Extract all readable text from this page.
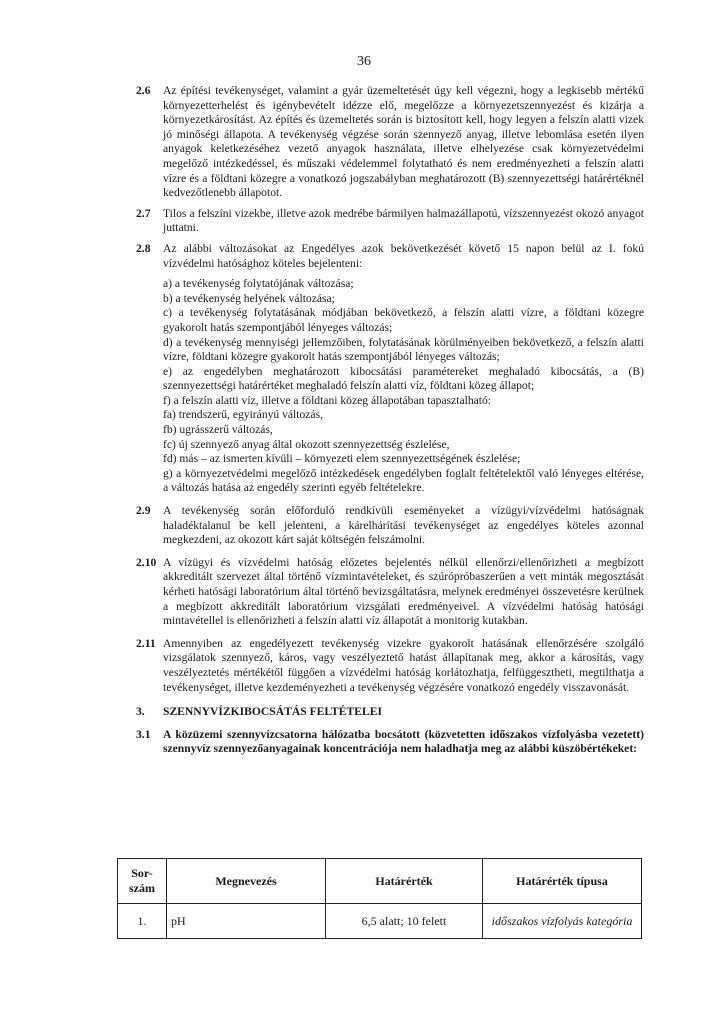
36
2.6	Az építési tevékenységet, valamint a gyár üzemeltetését úgy kell végezni, hogy a legkisebb mértékű környezetterhelést és igénybevételt idézze elő, megelőzze a környezetszennyezést és kizárja a környezetkárosítást. Az építés és üzemeltetés során is biztosított kell, hogy legyen a felszín alatti vizek jó minőségi állapota. A tevékenység végzése során szennyező anyag, illetve lebomlása esetén ilyen anyagok keletkezéséhez vezető anyagok használata, illetve elhelyezése csak környezetvédelmi megelőző intézkedéssel, és műszaki védelemmel folytatható és nem eredményezheti a felszín alatti vízre és a földtani közegre a vonatkozó jogszabályban meghatározott (B) szennyezettségi határértéknél kedvezőtlenebb állapotot.
2.7	Tilos a felszíni vizekbe, illetve azok medrébe bármilyen halmazállapotú, vízszennyezést okozó anyagot juttatni.
2.8	Az alábbi változásokat az Engedélyes azok bekövetkezését követő 15 napon belül az I. fokú vízvédelmi hatósághoz köteles bejelenteni:
a) a tevékenység folytatójának változása;
b) a tevékenység helyének változása;
c) a tevékenység folytatásának módjában bekövetkező, a felszín alatti vízre, a földtani közegre gyakorolt hatás szempontjából lényeges változás;
d) a tevékenység mennyiségi jellemzőiben, folytatásának körülményeiben bekövetkező, a felszín alatti vízre, földtani közegre gyakorolt hatás szempontjából lényeges változás;
e) az engedélyben meghatározott kibocsátási paramétereket meghaladó kibocsátás, a (B) szennyezettségi határértéket meghaladó felszín alatti víz, földtani közeg állapot;
f) a felszín alatti víz, illetve a földtani közeg állapotában tapasztalható:
fa) trendszerű, egyirányú változás,
fb) ugrásszerű változás,
fc) új szennyező anyag által okozott szennyezettség észlelése,
fd) más – az ismerten kívüli – környezeti elem szennyezettségének észlelése;
g) a környezetvédelmi megelőző intézkedések engedélyben foglalt feltételektől való lényeges eltérése, a változás hatása az engedély szerinti egyéb feltételekre.
2.9	A tevékenység során előforduló rendkívüli eseményeket a vízügyi/vízvédelmi hatóságnak haladéktalanul be kell jelenteni, a kárelhárítási tevékenységet az engedélyes köteles azonnal megkezdeni, az okozott kárt saját költségén felszámolni.
2.10 A vízügyi és vízvédelmi hatóság előzetes bejelentés nélkül ellenőrzi/ellenőrizheti a megbízott akkreditált szervezet által történő vízmintavételeket, és szúrópróbaszerűen a vett minták megosztását kérheti hatósági laboratórium által történő bevizsgáltatásra, melynek eredményei összevetésre kerülnek a megbízott akkreditált laboratórium vizsgálati eredményeivel. A vízvédelmi hatóság hatósági mintavétellel is ellenőrizheti a felszín alatti víz állapotát a monitorig kutakban.
2.11 Amennyiben az engedélyezett tevékenység vizekre gyakorolt hatásának ellenőrzésére szolgáló vizsgálatok szennyező, káros, vagy veszélyeztető hatást állapítanak meg, akkor a károsítás, vagy veszélyeztetés mértékétől függően a vízvédelmi hatóság korlátozhatja, felfüggesztheti, megtilthatja a tevékenységet, illetve kezdeményezheti a tevékenység végzésére vonatkozó engedély visszavonását.
3.	SZENNYVÍZKIBOCSÁTÁS FELTÉTELEI
3.1	A közüzemi szennyvízcsatorna hálózatba bocsátott (közvetetten időszakos vízfolyásba vezetett) szennyvíz szennyezőanyagainak koncentrációja nem haladhatja meg az alábbi küszöbértékeket:
Sor-szám	Megnevezés	Határérték	Határérték típusa
1.	pH	6,5 alatt; 10 felett	időszakos vízfolyás kategória
